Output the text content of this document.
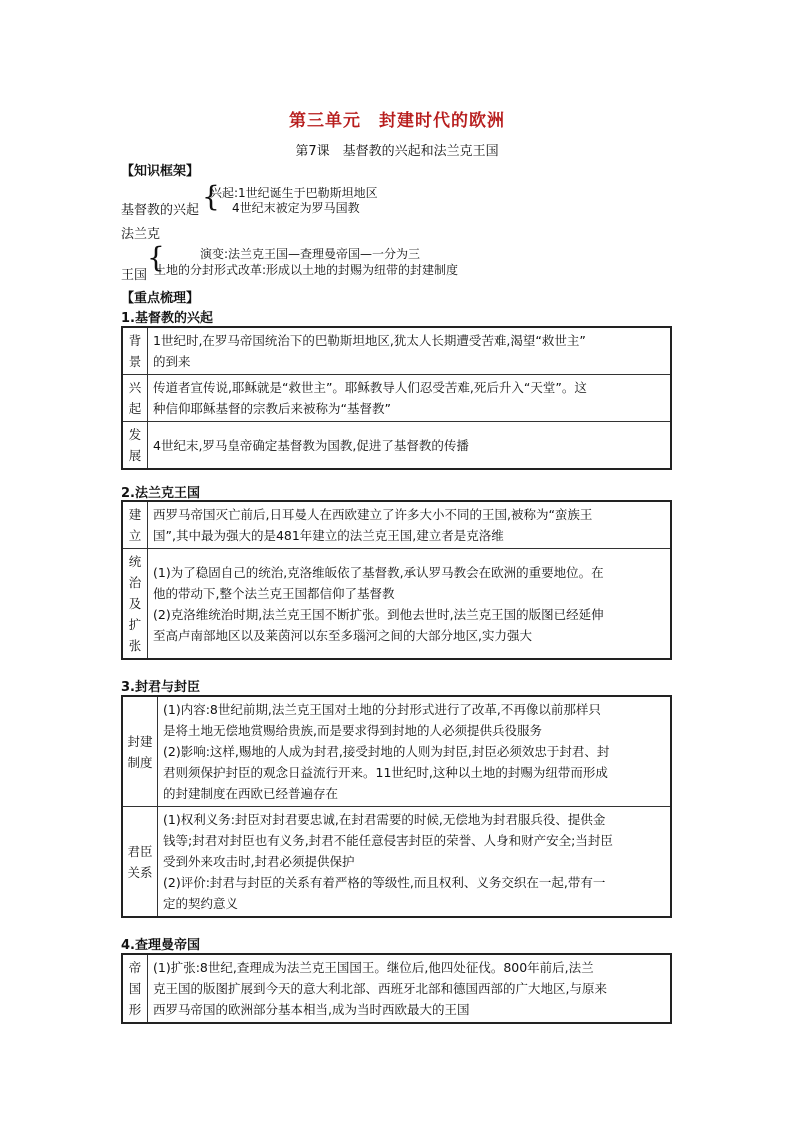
第三单元　封建时代的欧洲
第7课　基督教的兴起和法兰克王国
【知识框架】
基督教的兴起 {
兴起:1世纪诞生于巴勒斯坦地区
4世纪末被定为罗马国教
法兰克
{	演变:法兰克王国—查理曼帝国—一分为三
王国 土地的分封形式改革:形成以土地的封赐为纽带的封建制度
【重点梳理】
1.基督教的兴起
背景	1世纪时,在罗马帝国统治下的巴勒斯坦地区,犹太人长期遭受苦难,渴望“救世主”
的到来

兴起	传道者宣传说,耶稣就是“救世主”。耶稣教导人们忍受苦难,死后升入“天堂”。这
种信仰耶稣基督的宗教后来被称为“基督教”

发展	4世纪末,罗马皇帝确定基督教为国教,促进了基督教的传播
2.法兰克王国
建立	西罗马帝国灭亡前后,日耳曼人在西欧建立了许多大小不同的王国,被称为“蛮族王
国”,其中最为强大的是481年建立的法兰克王国,建立者是克洛维

统治及扩张	(1)为了稳固自己的统治,克洛维皈依了基督教,承认罗马教会在欧洲的重要地位。在
他的带动下,整个法兰克王国都信仰了基督教
(2)克洛维统治时期,法兰克王国不断扩张。到他去世时,法兰克王国的版图已经延伸
至高卢南部地区以及莱茵河以东至多瑙河之间的大部分地区,实力强大
3.封君与封臣
封建制度	(1)内容:8世纪前期,法兰克王国对土地的分封形式进行了改革,不再像以前那样只
是将土地无偿地赏赐给贵族,而是要求得到封地的人必须提供兵役服务
(2)影响:这样,赐地的人成为封君,接受封地的人则为封臣,封臣必须效忠于封君、封
君则须保护封臣的观念日益流行开来。11世纪时,这种以土地的封赐为纽带而形成
的封建制度在西欧已经普遍存在

君臣关系	(1)权利义务:封臣对封君要忠诚,在封君需要的时候,无偿地为封君服兵役、提供金
钱等;封君对封臣也有义务,封君不能任意侵害封臣的荣誉、人身和财产安全;当封臣
受到外来攻击时,封君必须提供保护
(2)评价:封君与封臣的关系有着严格的等级性,而且权利、义务交织在一起,带有一
定的契约意义
4.查理曼帝国
帝国形	
(1)扩张:8世纪,查理成为法兰克王国国王。继位后,他四处征伐。800年前后,法兰
克王国的版图扩展到今天的意大利北部、西班牙北部和德国西部的广大地区,与原来
西罗马帝国的欧洲部分基本相当,成为当时西欧最大的王国
